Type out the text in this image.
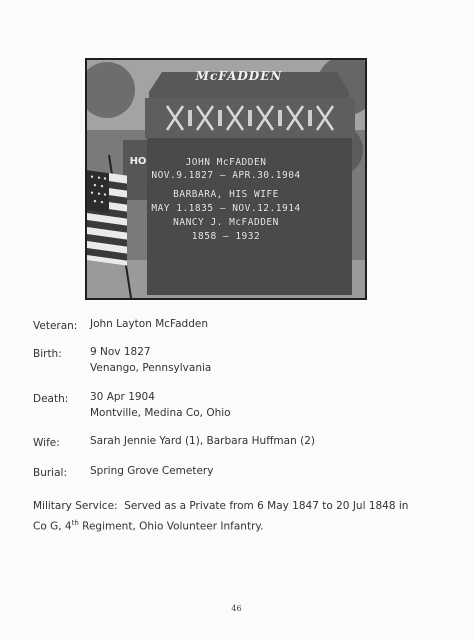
McFADDEN
HO	JOHN McFADDEN
NOV.9.1827 — APR.30.1904
BARBARA, HIS WIFE
MAY 1.1835 — NOV.12.1914
NANCY J. McFADDEN
1858 — 1932
Veteran: John Layton McFadden
Birth:	9 Nov 1827
Venango, Pennsylvania
Death: 30 Apr 1904
Montville, Medina Co, Ohio
Wife:	Sarah Jennie Yard (1), Barbara Huffman (2)
Burial: Spring Grove Cemetery
Military Service: Served as a Private from 6 May 1847 to 20 Jul 1848 in Co G, 4th Regiment, Ohio Volunteer Infantry.
46
